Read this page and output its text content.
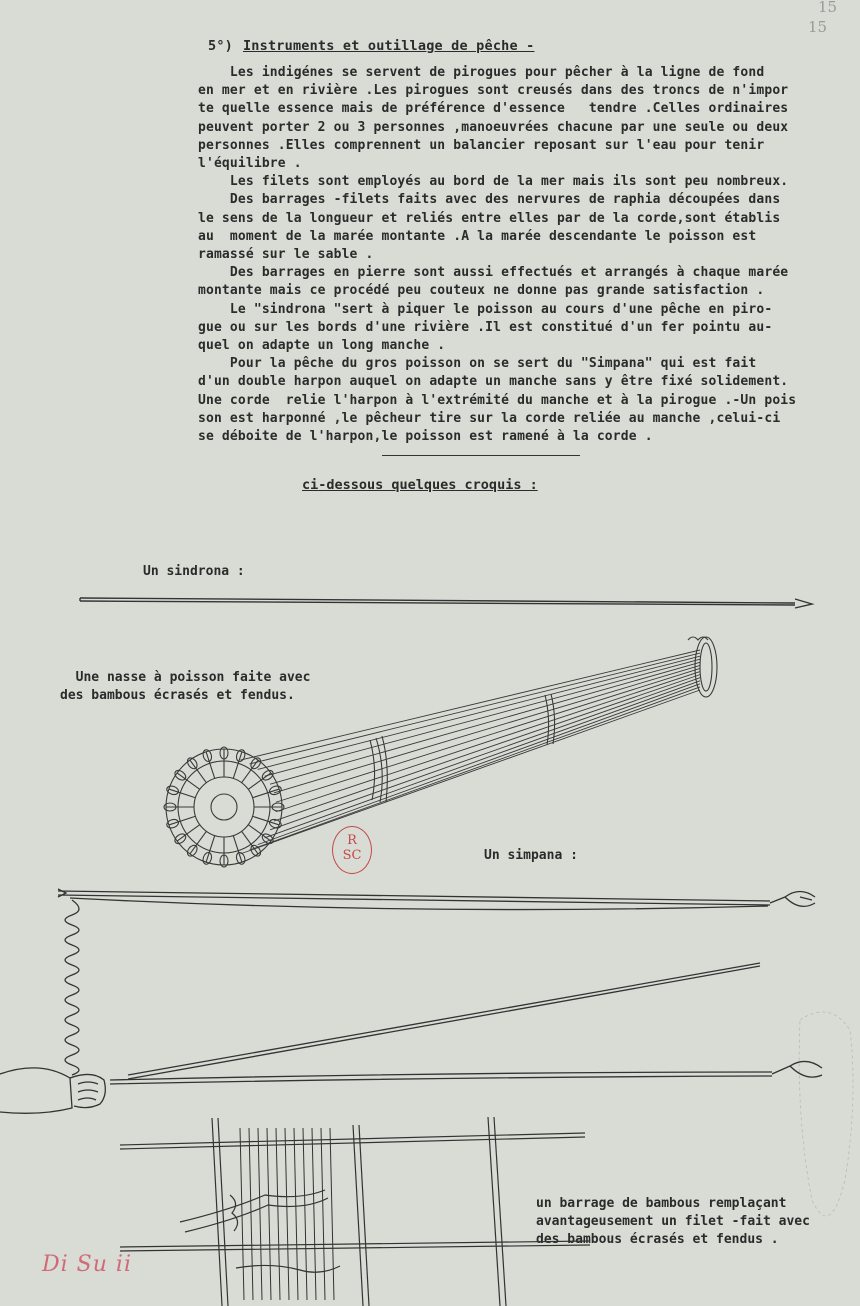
15
15
5°) Instruments et outillage de pêche -
Les indigénes se servent de pirogues pour pêcher à la ligne de fond
en mer et en rivière .Les pirogues sont creusés dans des troncs de n'impor
te quelle essence mais de préférence d'essence   tendre .Celles ordinaires
peuvent porter 2 ou 3 personnes ,manoeuvrées chacune par une seule ou deux
personnes .Elles comprennent un balancier reposant sur l'eau pour tenir
l'équilibre .
Les filets sont employés au bord de la mer mais ils sont peu nombreux.
Des barrages -filets faits avec des nervures de raphia découpées dans
le sens de la longueur et reliés entre elles par de la corde,sont établis
au  moment de la marée montante .A la marée descendante le poisson est
ramassé sur le sable .
Des barrages en pierre sont aussi effectués et arrangés à chaque marée
montante mais ce procédé peu couteux ne donne pas grande satisfaction .
Le "sindrona "sert à piquer le poisson au cours d'une pêche en piro-
gue ou sur les bords d'une rivière .Il est constitué d'un fer pointu au-
quel on adapte un long manche .
Pour la pêche du gros poisson on se sert du "Simpana" qui est fait
d'un double harpon auquel on adapte un manche sans y être fixé solidement.
Une corde  relie l'harpon à l'extrémité du manche et à la pirogue .-Un pois
son est harponné ,le pêcheur tire sur la corde reliée au manche ,celui-ci
se déboite de l'harpon,le poisson est ramené à la corde .
ci-dessous quelques croquis :
Un sindrona :
Une nasse à poisson faite avec
des bambous écrasés et fendus.
Un simpana :
un barrage de bambous remplaçant
avantageusement un filet -fait avec
des bambous écrasés et fendus .
R
SC
Di Su ii
